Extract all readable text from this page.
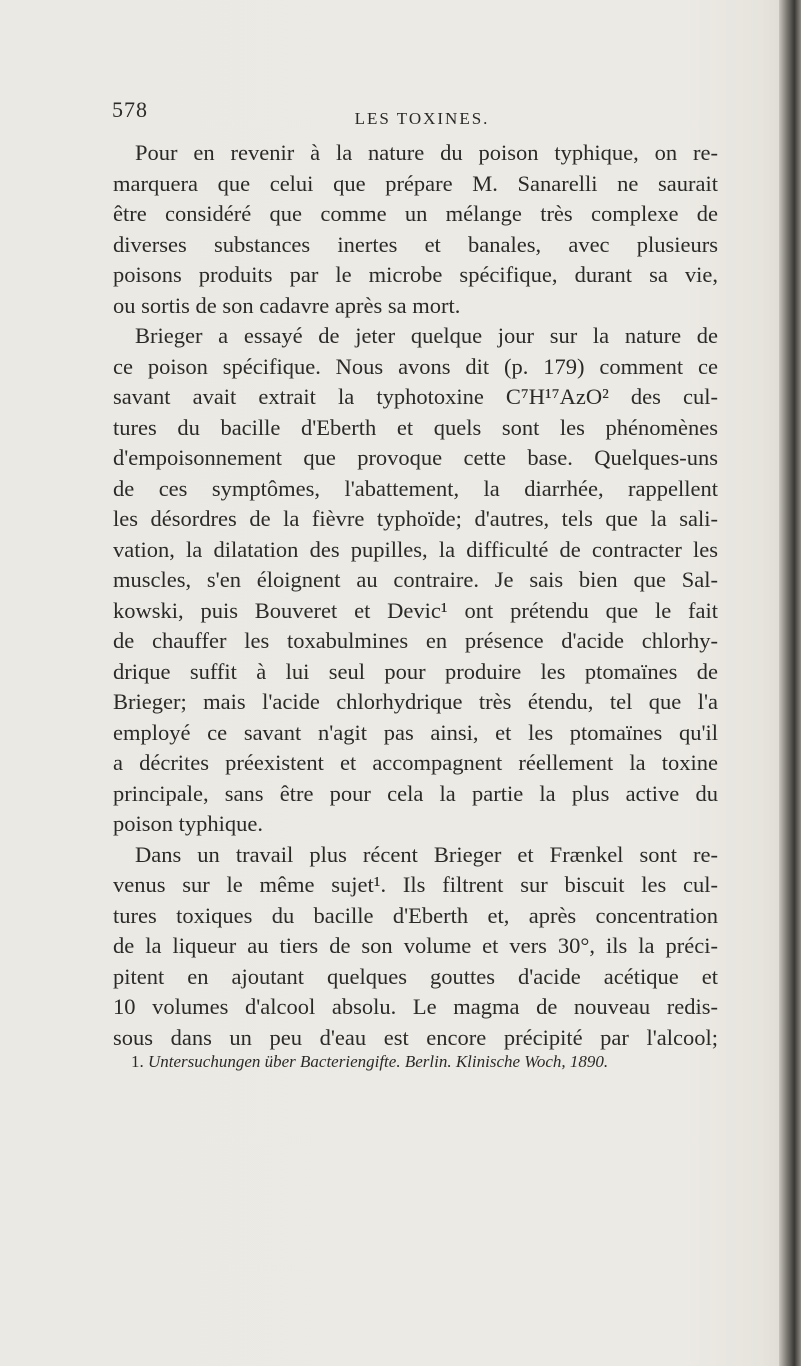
578	LES TOXINES.
Pour en revenir à la nature du poison typhique, on re-
marquera que celui que prépare M. Sanarelli ne saurait
être considéré que comme un mélange très complexe de
diverses substances inertes et banales, avec plusieurs
poisons produits par le microbe spécifique, durant sa vie,
ou sortis de son cadavre après sa mort.
Brieger a essayé de jeter quelque jour sur la nature de
ce poison spécifique. Nous avons dit (p. 179) comment ce
savant avait extrait la typhotoxine C⁷H¹⁷AzO² des cul-
tures du bacille d'Eberth et quels sont les phénomènes
d'empoisonnement que provoque cette base. Quelques-uns
de ces symptômes, l'abattement, la diarrhée, rappellent
les désordres de la fièvre typhoïde; d'autres, tels que la sali-
vation, la dilatation des pupilles, la difficulté de contracter les
muscles, s'en éloignent au contraire. Je sais bien que Sal-
kowski, puis Bouveret et Devic¹ ont prétendu que le fait
de chauffer les toxabulmines en présence d'acide chlorhy-
drique suffit à lui seul pour produire les ptomaïnes de
Brieger; mais l'acide chlorhydrique très étendu, tel que l'a
employé ce savant n'agit pas ainsi, et les ptomaïnes qu'il
a décrites préexistent et accompagnent réellement la toxine
principale, sans être pour cela la partie la plus active du
poison typhique.
Dans un travail plus récent Brieger et Frænkel sont re-
venus sur le même sujet¹. Ils filtrent sur biscuit les cul-
tures toxiques du bacille d'Eberth et, après concentration
de la liqueur au tiers de son volume et vers 30°, ils la préci-
pitent en ajoutant quelques gouttes d'acide acétique et
10 volumes d'alcool absolu. Le magma de nouveau redis-
sous dans un peu d'eau est encore précipité par l'alcool;
1. Untersuchungen über Bacteriengifte. Berlin. Klinische Woch, 1890.
